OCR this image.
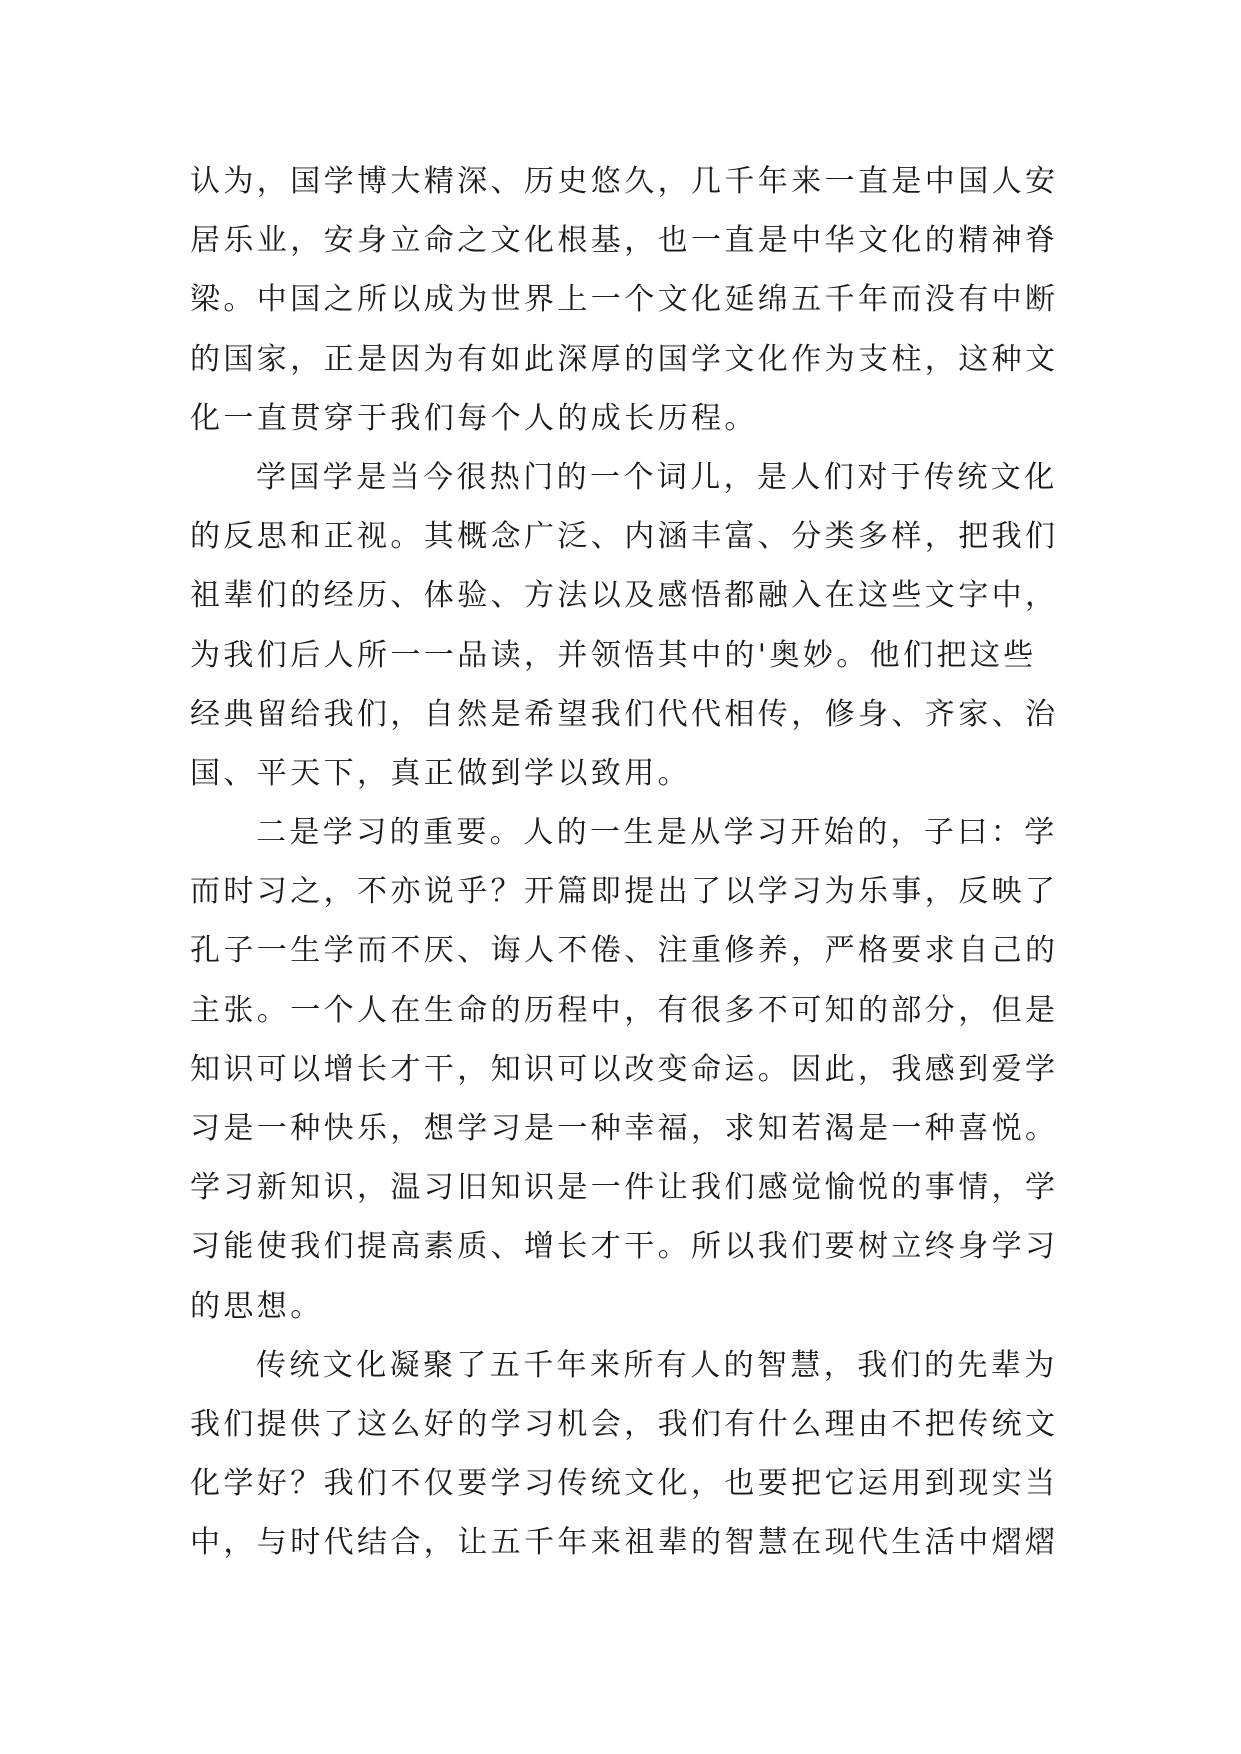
认为，国学博大精深、历史悠久，几千年来一直是中国人安
居乐业，安身立命之文化根基，也一直是中华文化的精神脊
梁。中国之所以成为世界上一个文化延绵五千年而没有中断
的国家，正是因为有如此深厚的国学文化作为支柱，这种文
化一直贯穿于我们每个人的成长历程。
学国学是当今很热门的一个词儿，是人们对于传统文化
的反思和正视。其概念广泛、内涵丰富、分类多样，把我们
祖辈们的经历、体验、方法以及感悟都融入在这些文字中，
为我们后人所一一品读，并领悟其中的'奥妙。他们把这些
经典留给我们，自然是希望我们代代相传，修身、齐家、治
国、平天下，真正做到学以致用。
二是学习的重要。人的一生是从学习开始的，子曰：学
而时习之，不亦说乎？开篇即提出了以学习为乐事，反映了
孔子一生学而不厌、诲人不倦、注重修养，严格要求自己的
主张。一个人在生命的历程中，有很多不可知的部分，但是
知识可以增长才干，知识可以改变命运。因此，我感到爱学
习是一种快乐，想学习是一种幸福，求知若渴是一种喜悦。
学习新知识，温习旧知识是一件让我们感觉愉悦的事情，学
习能使我们提高素质、增长才干。所以我们要树立终身学习
的思想。
传统文化凝聚了五千年来所有人的智慧，我们的先辈为
我们提供了这么好的学习机会，我们有什么理由不把传统文
化学好？我们不仅要学习传统文化，也要把它运用到现实当
中，与时代结合，让五千年来祖辈的智慧在现代生活中熠熠
